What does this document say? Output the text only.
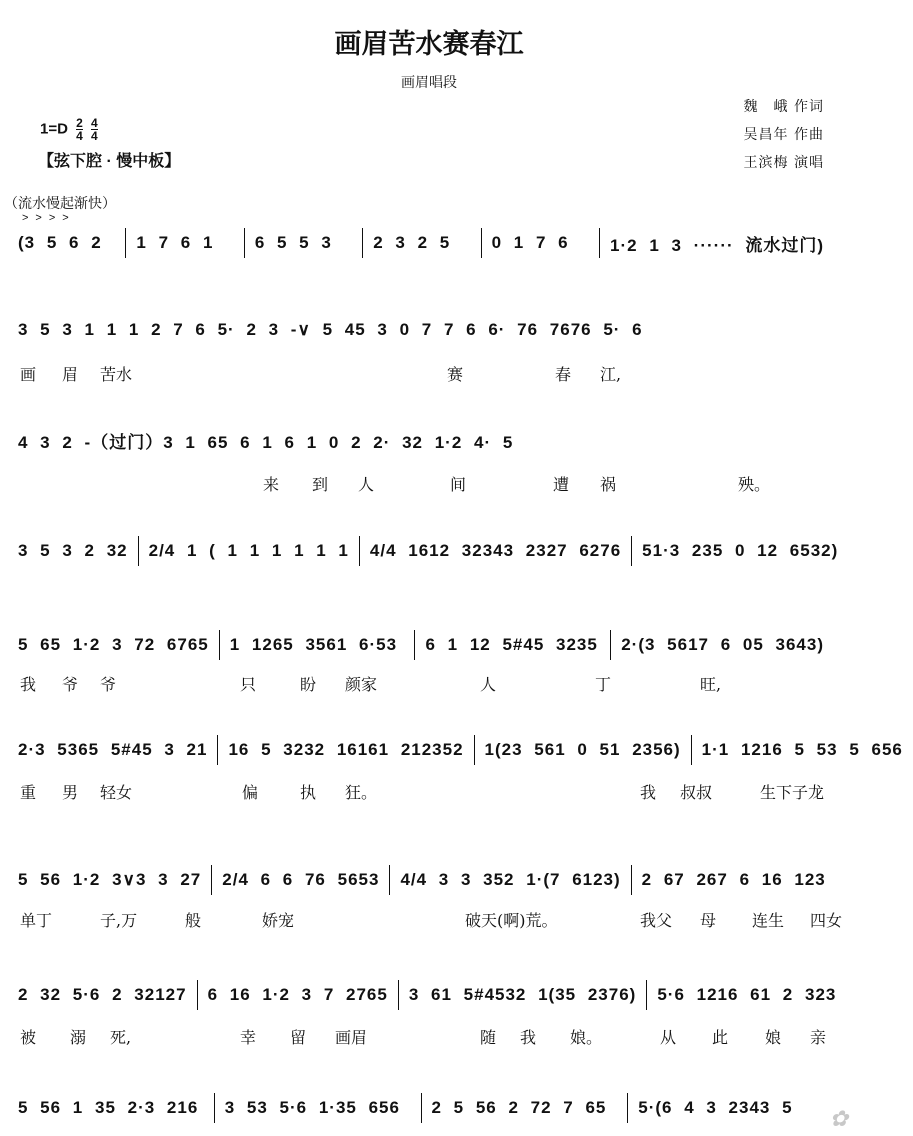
画眉苦水赛春江
画眉唱段
$1=D \frac{2}{4}$
$\frac{4}{4}$
【弦下腔 · 慢中板】
魏　峨 作词
吴昌年 作曲
王滨梅 演唱
（流水慢起渐快）
>>>>
(3 5 6 2	1 7 6 1	6 5 5 3	2 3 2 5	0 1 7 6	1·2 1 3 ······ 流水过门)
3 5 3 1 1 1 2 7 6 5· 2 3 -∨ 5 45 3 0 7 7 6 6· 76 7676 5· 6
画 眉 苦水	赛	春 江,
4 3 2 -（过门）3 1 65 6 1 6 1 0 2 2· 32 1·2 4· 5
来 到 人	间	遭 祸	殃。
3 5 3 2 32	2/4 1 ( 1 1 1 1 1 1	4/4 1612 32343 2327 6276	51·3 235 0 12 6532)
5 65 1·2 3 72 6765	1 1265 3561 6·53	6 1 12 5#45 3235	2·(3 5617 6 05 3643)
我 爷 爷	只	盼 颜家	人	丁	旺,
2·3 5365 5#45 3 21	16 5 3232 16161 212352	1(23 561 0 51 2356)	1·1 1216 5 53 5 656
重 男 轻女	偏	执 狂。	我 叔叔	生下子龙
5 56 1·2 3∨3 3 27	2/4 6 6 76 5653	4/4 3 3 352 1·(7 6123)	2 67 267 6 16 123
单丁	子,万	般	娇宠	破天(啊)荒。	我父 母 连生 四女
2 32 5·6 2 32127	6 16 1·2 3 7 2765	3 61 5#4532 1(35 2376)	5·6 1216 61 2 323
被 溺 死,	幸 留 画眉	随 我 娘。	从 此 娘 亲
5 56 1 35 2·3 216	3 53 5·6 1·35 656	2 5 56 2 72 7 65	5·(6 4 3 2343 5	✿
